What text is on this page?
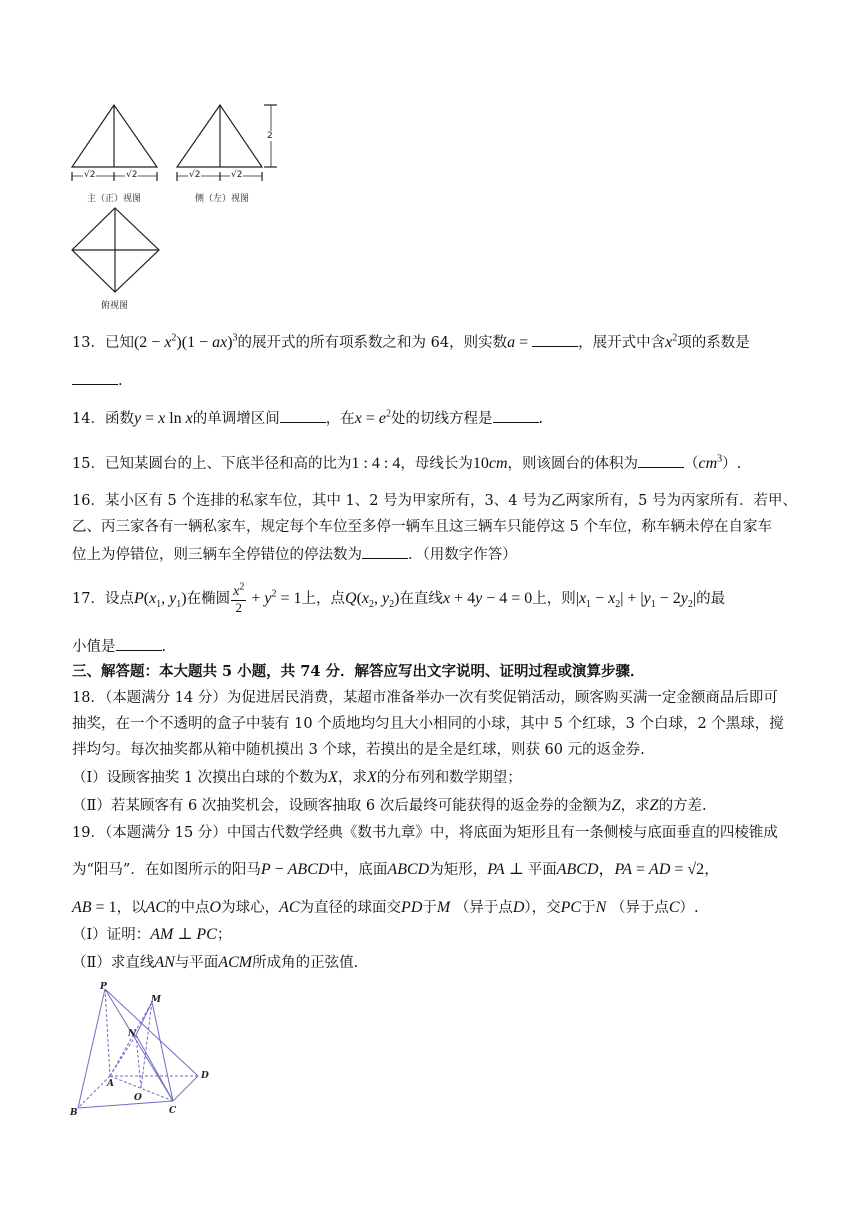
√2	√2	√2	√2
2
主（正）视图	侧（左）视图
俯视图
13．已知$(2 - x^2)(1 - ax)^3$的展开式的所有项系数之和为 64，则实数a =	，展开式中含$x^2$项的系数是
.
14．函数y = x ln x的单调增区间	，在$x = e^2$处的切线方程是	.
15．已知某圆台的上、下底半径和高的比为1 : 4 : 4，母线长为10cm，则该圆台的体积为	$(cm^3)$.
16．某小区有 5 个连排的私家车位，其中 1、2 号为甲家所有，3、4 号为乙两家所有，5 号为丙家所有．若甲、
乙、丙三家各有一辆私家车，规定每个车位至多停一辆车且这三辆车只能停这 5 个车位，称车辆未停在自家车
位上为停错位，则三辆车全停错位的停法数为	．（用数字作答）
17．设点$P(x_1$, $y_1$)在椭圆 $\frac{x^2}{2} + y^2 = 1$上，点$Q(x_2$, $y_2$)在直线x + 4y − 4 = 0上，则$|x_1 - x_2| + |y_1 - 2y_2|$的最
小值是	.
三、解答题：本大题共 5 小题，共 74 分．解答应写出文字说明、证明过程或演算步骤．
18．（本题满分 14 分）为促进居民消费，某超市准备举办一次有奖促销活动，顾客购买满一定金额商品后即可
抽奖，在一个不透明的盒子中装有 10 个质地均匀且大小相同的小球，其中 5 个红球，3 个白球，2 个黑球，搅
拌均匀。每次抽奖都从箱中随机摸出 3 个球，若摸出的是全是红球，则获 60 元的返金券.
（Ⅰ）设顾客抽奖 1 次摸出白球的个数为X，求X的分布列和数学期望；
（Ⅱ）若某顾客有 6 次抽奖机会，设顾客抽取 6 次后最终可能获得的返金券的金额为Z，求Z的方差.
19．（本题满分 15 分）中国古代数学经典《数书九章》中，将底面为矩形且有一条侧棱与底面垂直的四棱锥成
为“阳马”．在如图所示的阳马P − ABCD中，底面ABCD为矩形，PA ⊥ 平面ABCD，PA = AD = √2，
AB = 1，以AC的中点O为球心，AC为直径的球面交PD于M （异于点D），交PC于N （异于点C）.
（Ⅰ）证明：AM ⊥ PC；
（Ⅱ）求直线AN与平面ACM所成角的正弦值.
P
N
M
A
O
D
B	C
